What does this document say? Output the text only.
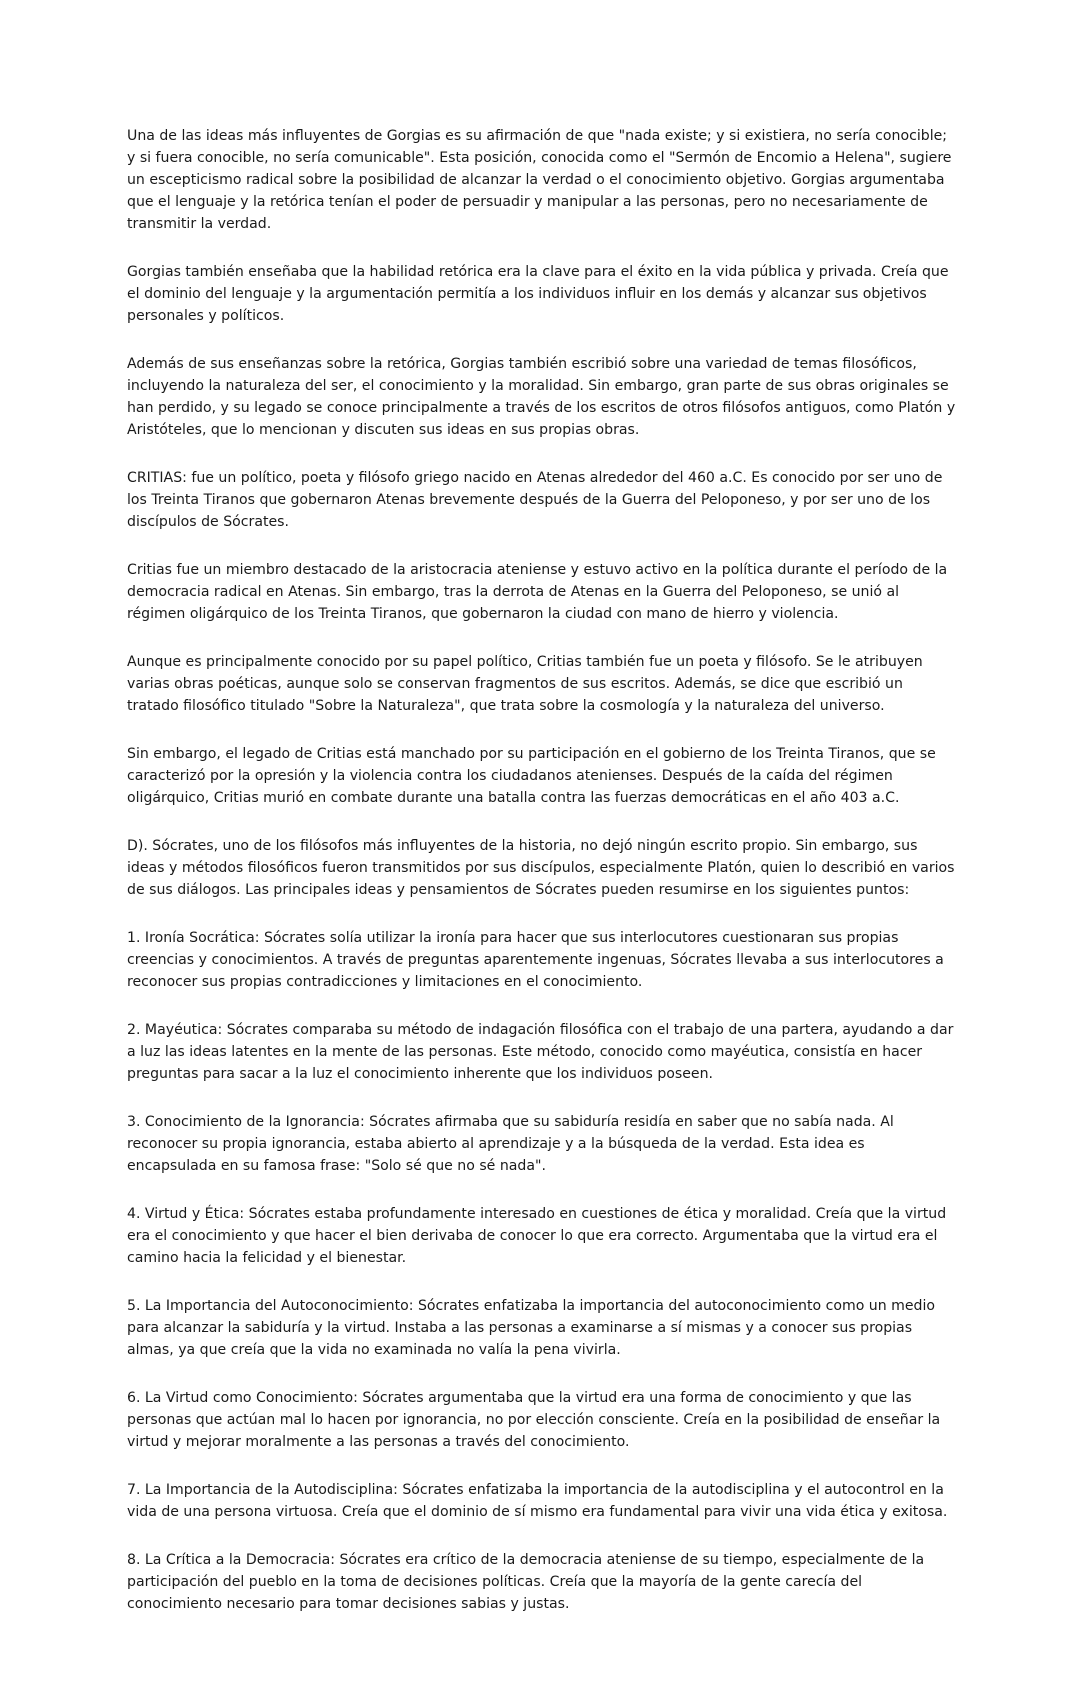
Una de las ideas más influyentes de Gorgias es su afirmación de que "nada existe; y si existiera, no sería conocible; y si fuera conocible, no sería comunicable". Esta posición, conocida como el "Sermón de Encomio a Helena", sugiere un escepticismo radical sobre la posibilidad de alcanzar la verdad o el conocimiento objetivo. Gorgias argumentaba que el lenguaje y la retórica tenían el poder de persuadir y manipular a las personas, pero no necesariamente de transmitir la verdad.

Gorgias también enseñaba que la habilidad retórica era la clave para el éxito en la vida pública y privada. Creía que el dominio del lenguaje y la argumentación permitía a los individuos influir en los demás y alcanzar sus objetivos personales y políticos.

Además de sus enseñanzas sobre la retórica, Gorgias también escribió sobre una variedad de temas filosóficos, incluyendo la naturaleza del ser, el conocimiento y la moralidad. Sin embargo, gran parte de sus obras originales se han perdido, y su legado se conoce principalmente a través de los escritos de otros filósofos antiguos, como Platón y Aristóteles, que lo mencionan y discuten sus ideas en sus propias obras.

CRITIAS: fue un político, poeta y filósofo griego nacido en Atenas alrededor del 460 a.C. Es conocido por ser uno de los Treinta Tiranos que gobernaron Atenas brevemente después de la Guerra del Peloponeso, y por ser uno de los discípulos de Sócrates.

Critias fue un miembro destacado de la aristocracia ateniense y estuvo activo en la política durante el período de la democracia radical en Atenas. Sin embargo, tras la derrota de Atenas en la Guerra del Peloponeso, se unió al régimen oligárquico de los Treinta Tiranos, que gobernaron la ciudad con mano de hierro y violencia.

Aunque es principalmente conocido por su papel político, Critias también fue un poeta y filósofo. Se le atribuyen varias obras poéticas, aunque solo se conservan fragmentos de sus escritos. Además, se dice que escribió un tratado filosófico titulado "Sobre la Naturaleza", que trata sobre la cosmología y la naturaleza del universo.

Sin embargo, el legado de Critias está manchado por su participación en el gobierno de los Treinta Tiranos, que se caracterizó por la opresión y la violencia contra los ciudadanos atenienses. Después de la caída del régimen oligárquico, Critias murió en combate durante una batalla contra las fuerzas democráticas en el año 403 a.C.

D). Sócrates, uno de los filósofos más influyentes de la historia, no dejó ningún escrito propio. Sin embargo, sus ideas y métodos filosóficos fueron transmitidos por sus discípulos, especialmente Platón, quien lo describió en varios de sus diálogos. Las principales ideas y pensamientos de Sócrates pueden resumirse en los siguientes puntos:

1. Ironía Socrática: Sócrates solía utilizar la ironía para hacer que sus interlocutores cuestionaran sus propias creencias y conocimientos. A través de preguntas aparentemente ingenuas, Sócrates llevaba a sus interlocutores a reconocer sus propias contradicciones y limitaciones en el conocimiento.

2. Mayéutica: Sócrates comparaba su método de indagación filosófica con el trabajo de una partera, ayudando a dar a luz las ideas latentes en la mente de las personas. Este método, conocido como mayéutica, consistía en hacer preguntas para sacar a la luz el conocimiento inherente que los individuos poseen.

3. Conocimiento de la Ignorancia: Sócrates afirmaba que su sabiduría residía en saber que no sabía nada. Al reconocer su propia ignorancia, estaba abierto al aprendizaje y a la búsqueda de la verdad. Esta idea es encapsulada en su famosa frase: "Solo sé que no sé nada".

4. Virtud y Ética: Sócrates estaba profundamente interesado en cuestiones de ética y moralidad. Creía que la virtud era el conocimiento y que hacer el bien derivaba de conocer lo que era correcto. Argumentaba que la virtud era el camino hacia la felicidad y el bienestar.

5. La Importancia del Autoconocimiento: Sócrates enfatizaba la importancia del autoconocimiento como un medio para alcanzar la sabiduría y la virtud. Instaba a las personas a examinarse a sí mismas y a conocer sus propias almas, ya que creía que la vida no examinada no valía la pena vivirla.

6. La Virtud como Conocimiento: Sócrates argumentaba que la virtud era una forma de conocimiento y que las personas que actúan mal lo hacen por ignorancia, no por elección consciente. Creía en la posibilidad de enseñar la virtud y mejorar moralmente a las personas a través del conocimiento.

7. La Importancia de la Autodisciplina: Sócrates enfatizaba la importancia de la autodisciplina y el autocontrol en la vida de una persona virtuosa. Creía que el dominio de sí mismo era fundamental para vivir una vida ética y exitosa.

8. La Crítica a la Democracia: Sócrates era crítico de la democracia ateniense de su tiempo, especialmente de la participación del pueblo en la toma de decisiones políticas. Creía que la mayoría de la gente carecía del conocimiento necesario para tomar decisiones sabias y justas.
